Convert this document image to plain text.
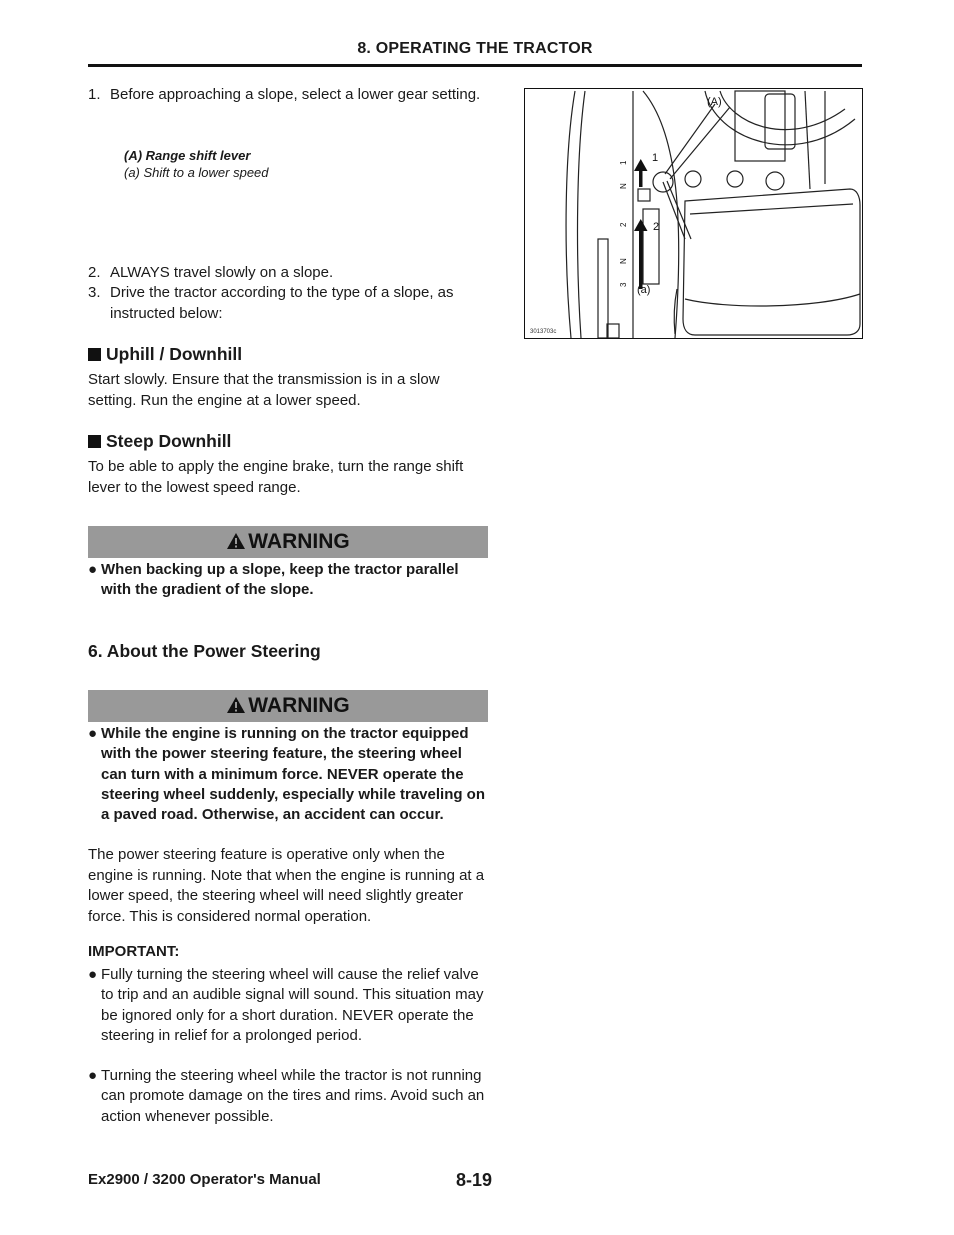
8. OPERATING THE TRACTOR
1. Before approaching a slope, select a lower gear setting.
(A) Range shift lever
(a) Shift to a lower speed
2. ALWAYS travel slowly on a slope.
3. Drive the tractor according to the type of a slope, as instructed below:
Uphill / Downhill

Start slowly. Ensure that the transmission is in a slow setting. Run the engine at a lower speed.

Steep Downhill

To be able to apply the engine brake, turn the range shift lever to the lowest speed range.

WARNING
● When backing up a slope, keep the tractor parallel with the gradient of the slope.
6. About the Power Steering
WARNING
● While the engine is running on the tractor equipped with the power steering feature, the steering wheel can turn with a minimum force. NEVER operate the steering wheel suddenly, especially while traveling on a paved road. Otherwise, an accident can occur.

The power steering feature is operative only when the engine is running. Note that when the engine is running at a lower speed, the steering wheel will need slightly greater force. This is considered normal operation.

IMPORTANT:
● Fully turning the steering wheel will cause the relief valve to trip and an audible signal will sound. This situation may be ignored only for a short duration. NEVER operate the steering in relief for a prolonged period.
● Turning the steering wheel while the tractor is not running can promote damage on the tires and rims. Avoid such an action whenever possible.
N
1
3
N
2
(A)
1
2
(a)
3013703c
Ex2900 / 3200 Operator's Manual	8-19
